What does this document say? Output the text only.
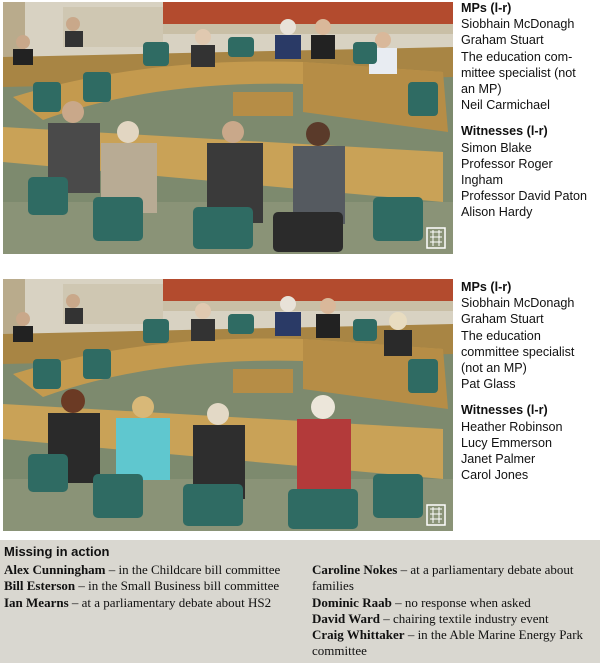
MPs (l-r)
Siobhain McDonagh
Graham Stuart
The education com-
mittee specialist (not
an MP)
Neil Carmichael
Witnesses (l-r)
Simon Blake
Professor Roger
Ingham
Professor David Paton
Alison Hardy
MPs (l-r)
Siobhain McDonagh
Graham Stuart
The education
committee specialist
(not an MP)
Pat Glass
Witnesses (l-r)
Heather Robinson
Lucy Emmerson
Janet Palmer
Carol Jones
Missing in action

Alex Cunningham – in the Childcare bill committee

Bill Esterson – in the Small Business bill committee

Ian Mearns – at a parliamentary debate about HS2

Caroline Nokes – at a parliamentary debate about families

Dominic Raab – no response when asked

David Ward – chairing textile industry event

Craig Whittaker – in the Able Marine Energy Park committee
